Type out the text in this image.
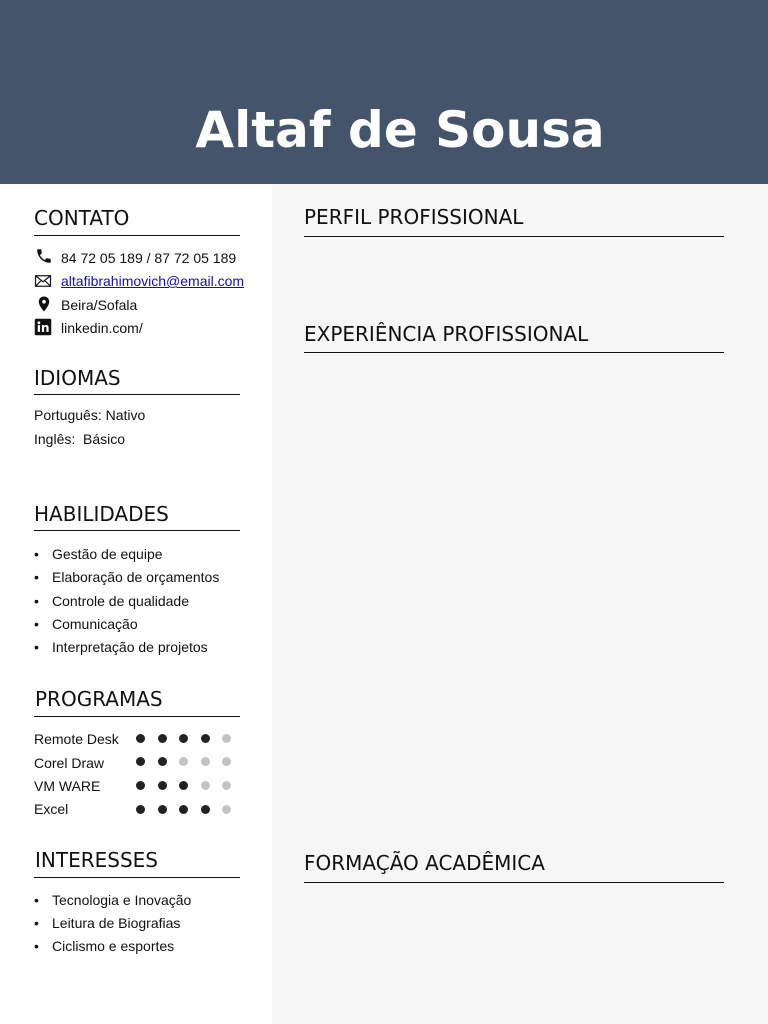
Altaf de Sousa
CONTATO
84 72 05 189 / 87 72 05 189
altafibrahimovich@email.com
Beira/Sofala
linkedin.com/
IDIOMAS
Português: Nativo
Inglês:  Básico
HABILIDADES
• Gestão de equipe
• Elaboração de orçamentos
• Controle de qualidade
• Comunicação
• Interpretação de projetos
PROGRAMAS
Remote Desk
Corel Draw
VM WARE
Excel
INTERESSES
• Tecnologia e Inovação
• Leitura de Biografias
• Ciclismo e esportes
PERFIL PROFISSIONAL
EXPERIÊNCIA PROFISSIONAL
FORMAÇÃO ACADÊMICA
